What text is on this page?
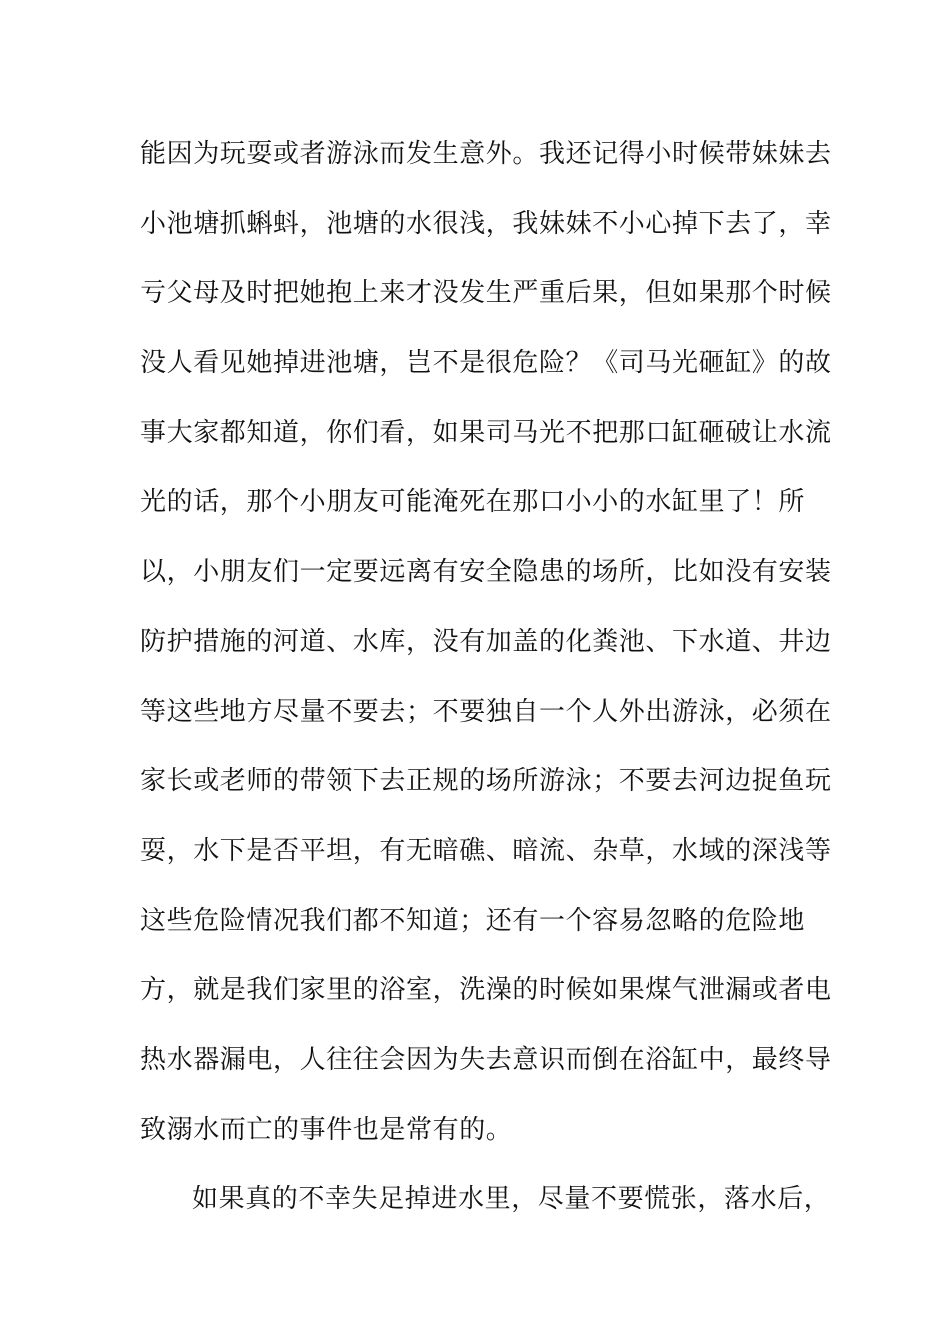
能因为玩耍或者游泳而发生意外。我还记得小时候带妹妹去
小池塘抓蝌蚪，池塘的水很浅，我妹妹不小心掉下去了，幸
亏父母及时把她抱上来才没发生严重后果，但如果那个时候
没人看见她掉进池塘，岂不是很危险？《司马光砸缸》的故
事大家都知道，你们看，如果司马光不把那口缸砸破让水流
光的话，那个小朋友可能淹死在那口小小的水缸里了！所
以，小朋友们一定要远离有安全隐患的场所，比如没有安装
防护措施的河道、水库，没有加盖的化粪池、下水道、井边
等这些地方尽量不要去；不要独自一个人外出游泳，必须在
家长或老师的带领下去正规的场所游泳；不要去河边捉鱼玩
耍，水下是否平坦，有无暗礁、暗流、杂草，水域的深浅等
这些危险情况我们都不知道；还有一个容易忽略的危险地
方，就是我们家里的浴室，洗澡的时候如果煤气泄漏或者电
热水器漏电，人往往会因为失去意识而倒在浴缸中，最终导
致溺水而亡的事件也是常有的。
如果真的不幸失足掉进水里，尽量不要慌张，落水后，
